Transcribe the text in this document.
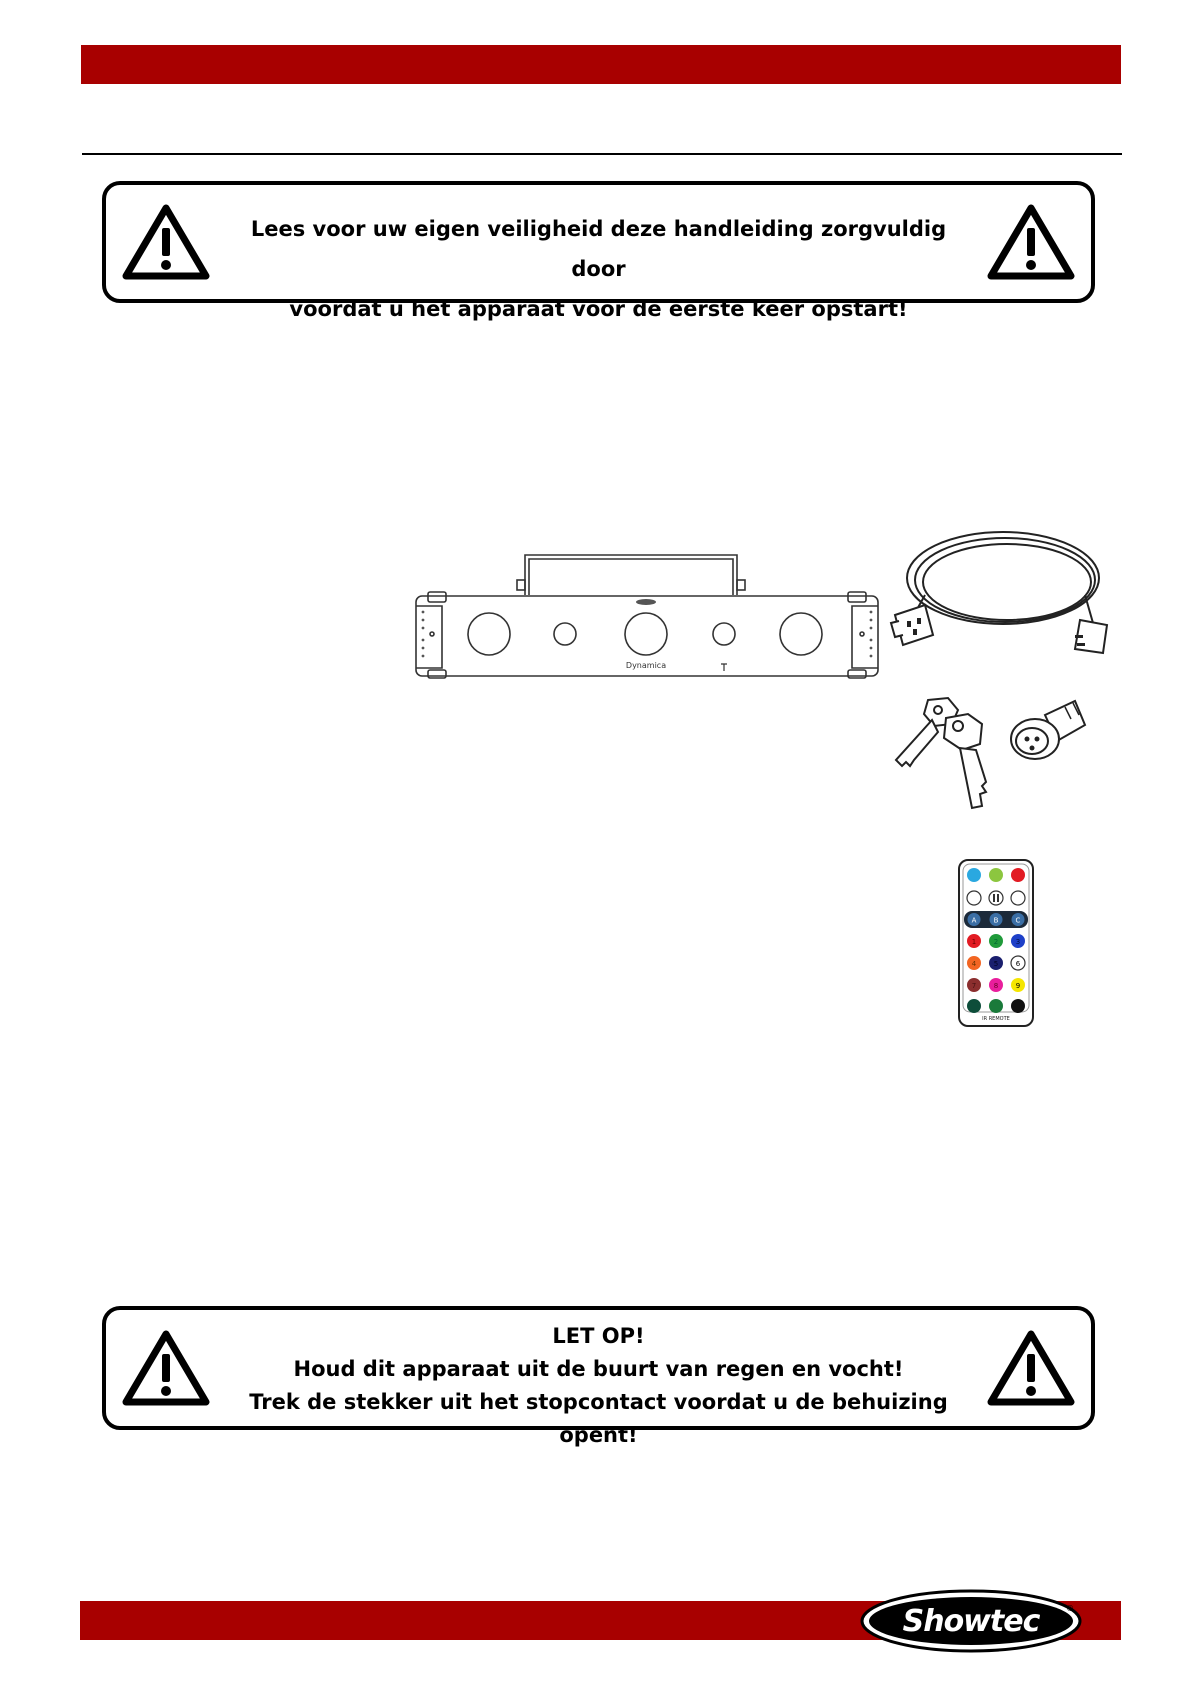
Lees voor uw eigen veiligheid deze handleiding zorgvuldig door
voordat u het apparaat voor de eerste keer opstart!
Dynamica
A B C
1	2	3
4	5	6
7	8	9
IR REMOTE
LET OP!
Houd dit apparaat uit de buurt van regen en vocht!
Trek de stekker uit het stopcontact voordat u de behuizing opent!
Showtec	®
